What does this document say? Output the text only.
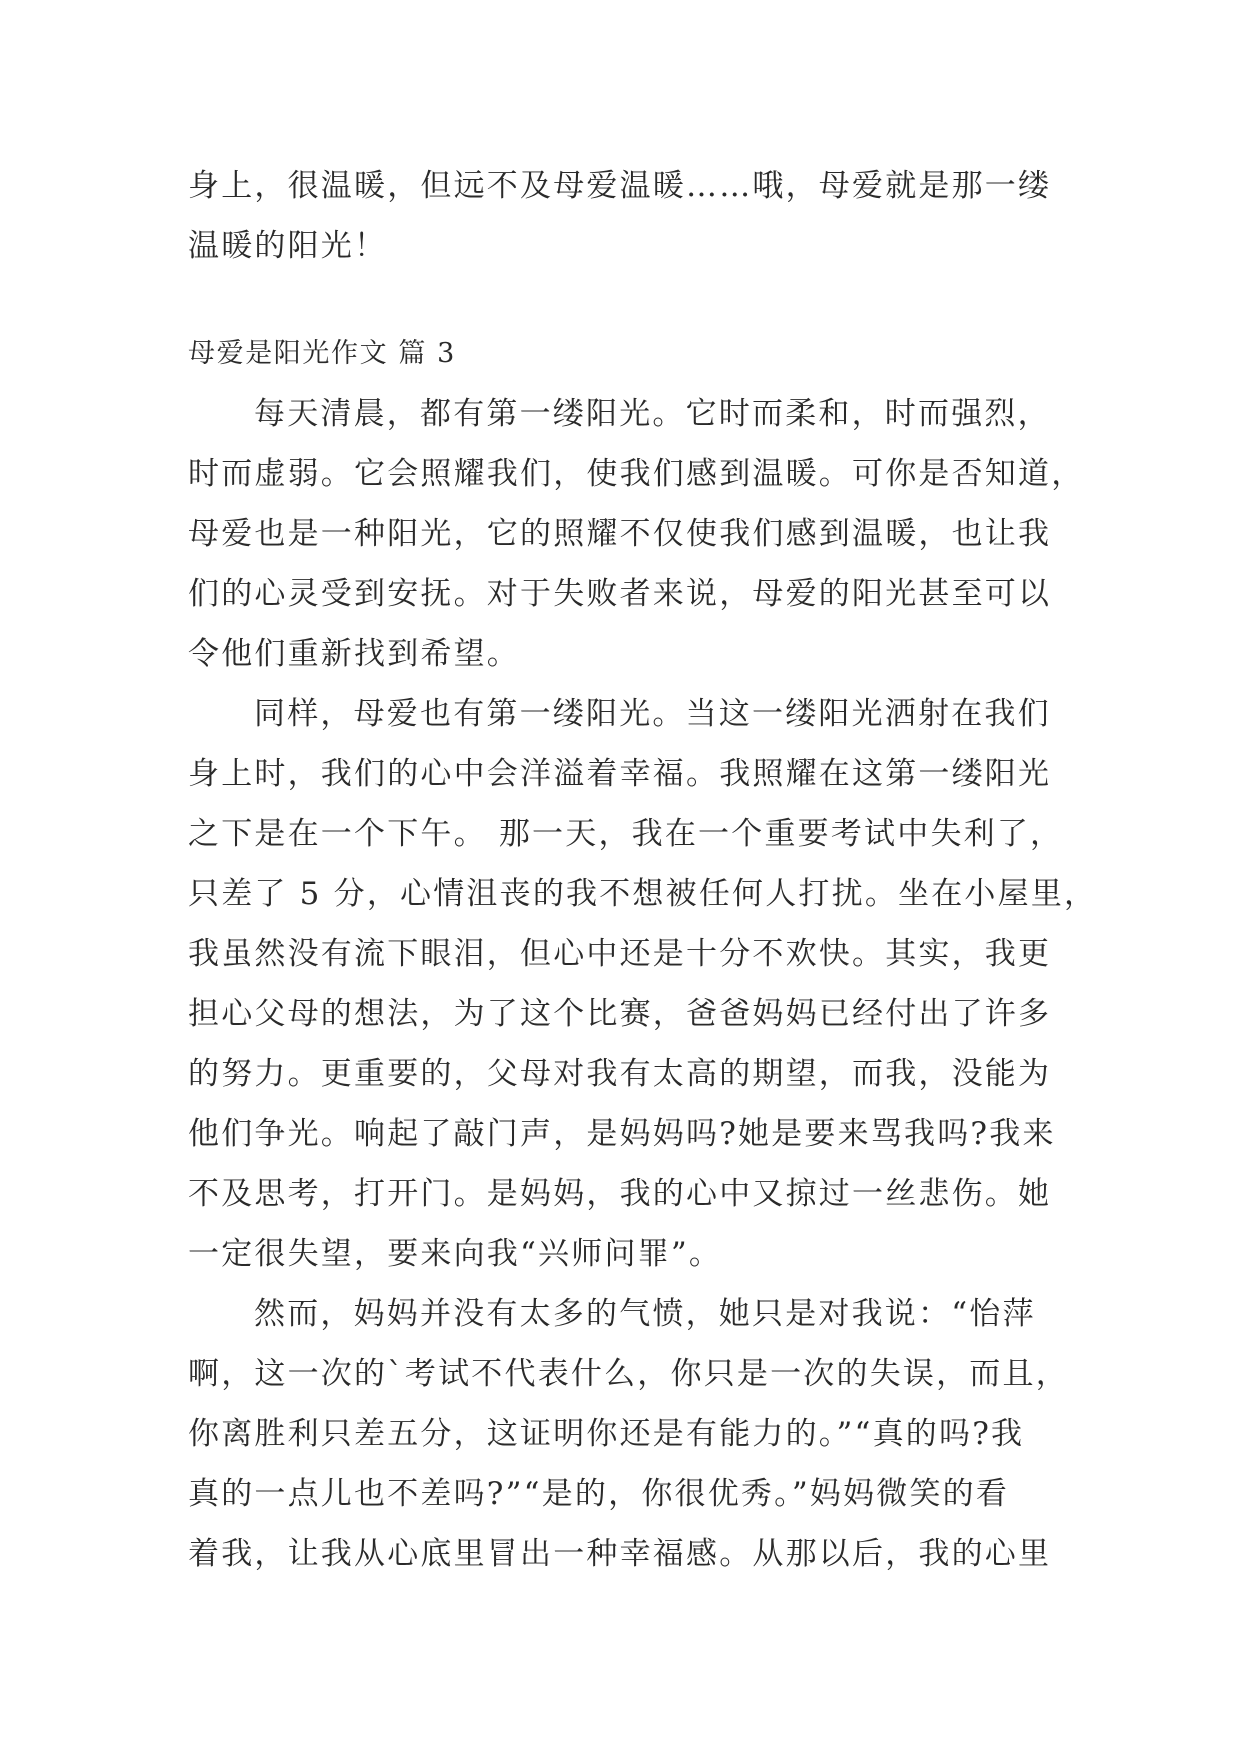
身上，很温暖，但远不及母爱温暖……哦，母爱就是那一缕
温暖的阳光！
母爱是阳光作文 篇 3
每天清晨，都有第一缕阳光。它时而柔和，时而强烈，
时而虚弱。它会照耀我们，使我们感到温暖。可你是否知道，
母爱也是一种阳光，它的照耀不仅使我们感到温暖，也让我
们的心灵受到安抚。对于失败者来说，母爱的阳光甚至可以
令他们重新找到希望。
同样，母爱也有第一缕阳光。当这一缕阳光洒射在我们
身上时，我们的心中会洋溢着幸福。我照耀在这第一缕阳光
之下是在一个下午。 那一天，我在一个重要考试中失利了，
只差了 5 分，心情沮丧的我不想被任何人打扰。坐在小屋里，
我虽然没有流下眼泪，但心中还是十分不欢快。其实，我更
担心父母的想法，为了这个比赛，爸爸妈妈已经付出了许多
的努力。更重要的，父母对我有太高的期望，而我，没能为
他们争光。响起了敲门声，是妈妈吗?她是要来骂我吗?我来
不及思考，打开门。是妈妈，我的心中又掠过一丝悲伤。她
一定很失望，要来向我“兴师问罪”。
然而，妈妈并没有太多的气愤，她只是对我说：“怡萍
啊，这一次的`考试不代表什么，你只是一次的失误，而且，
你离胜利只差五分，这证明你还是有能力的。”“真的吗?我
真的一点儿也不差吗?”“是的，你很优秀。”妈妈微笑的看
着我，让我从心底里冒出一种幸福感。从那以后，我的心里
